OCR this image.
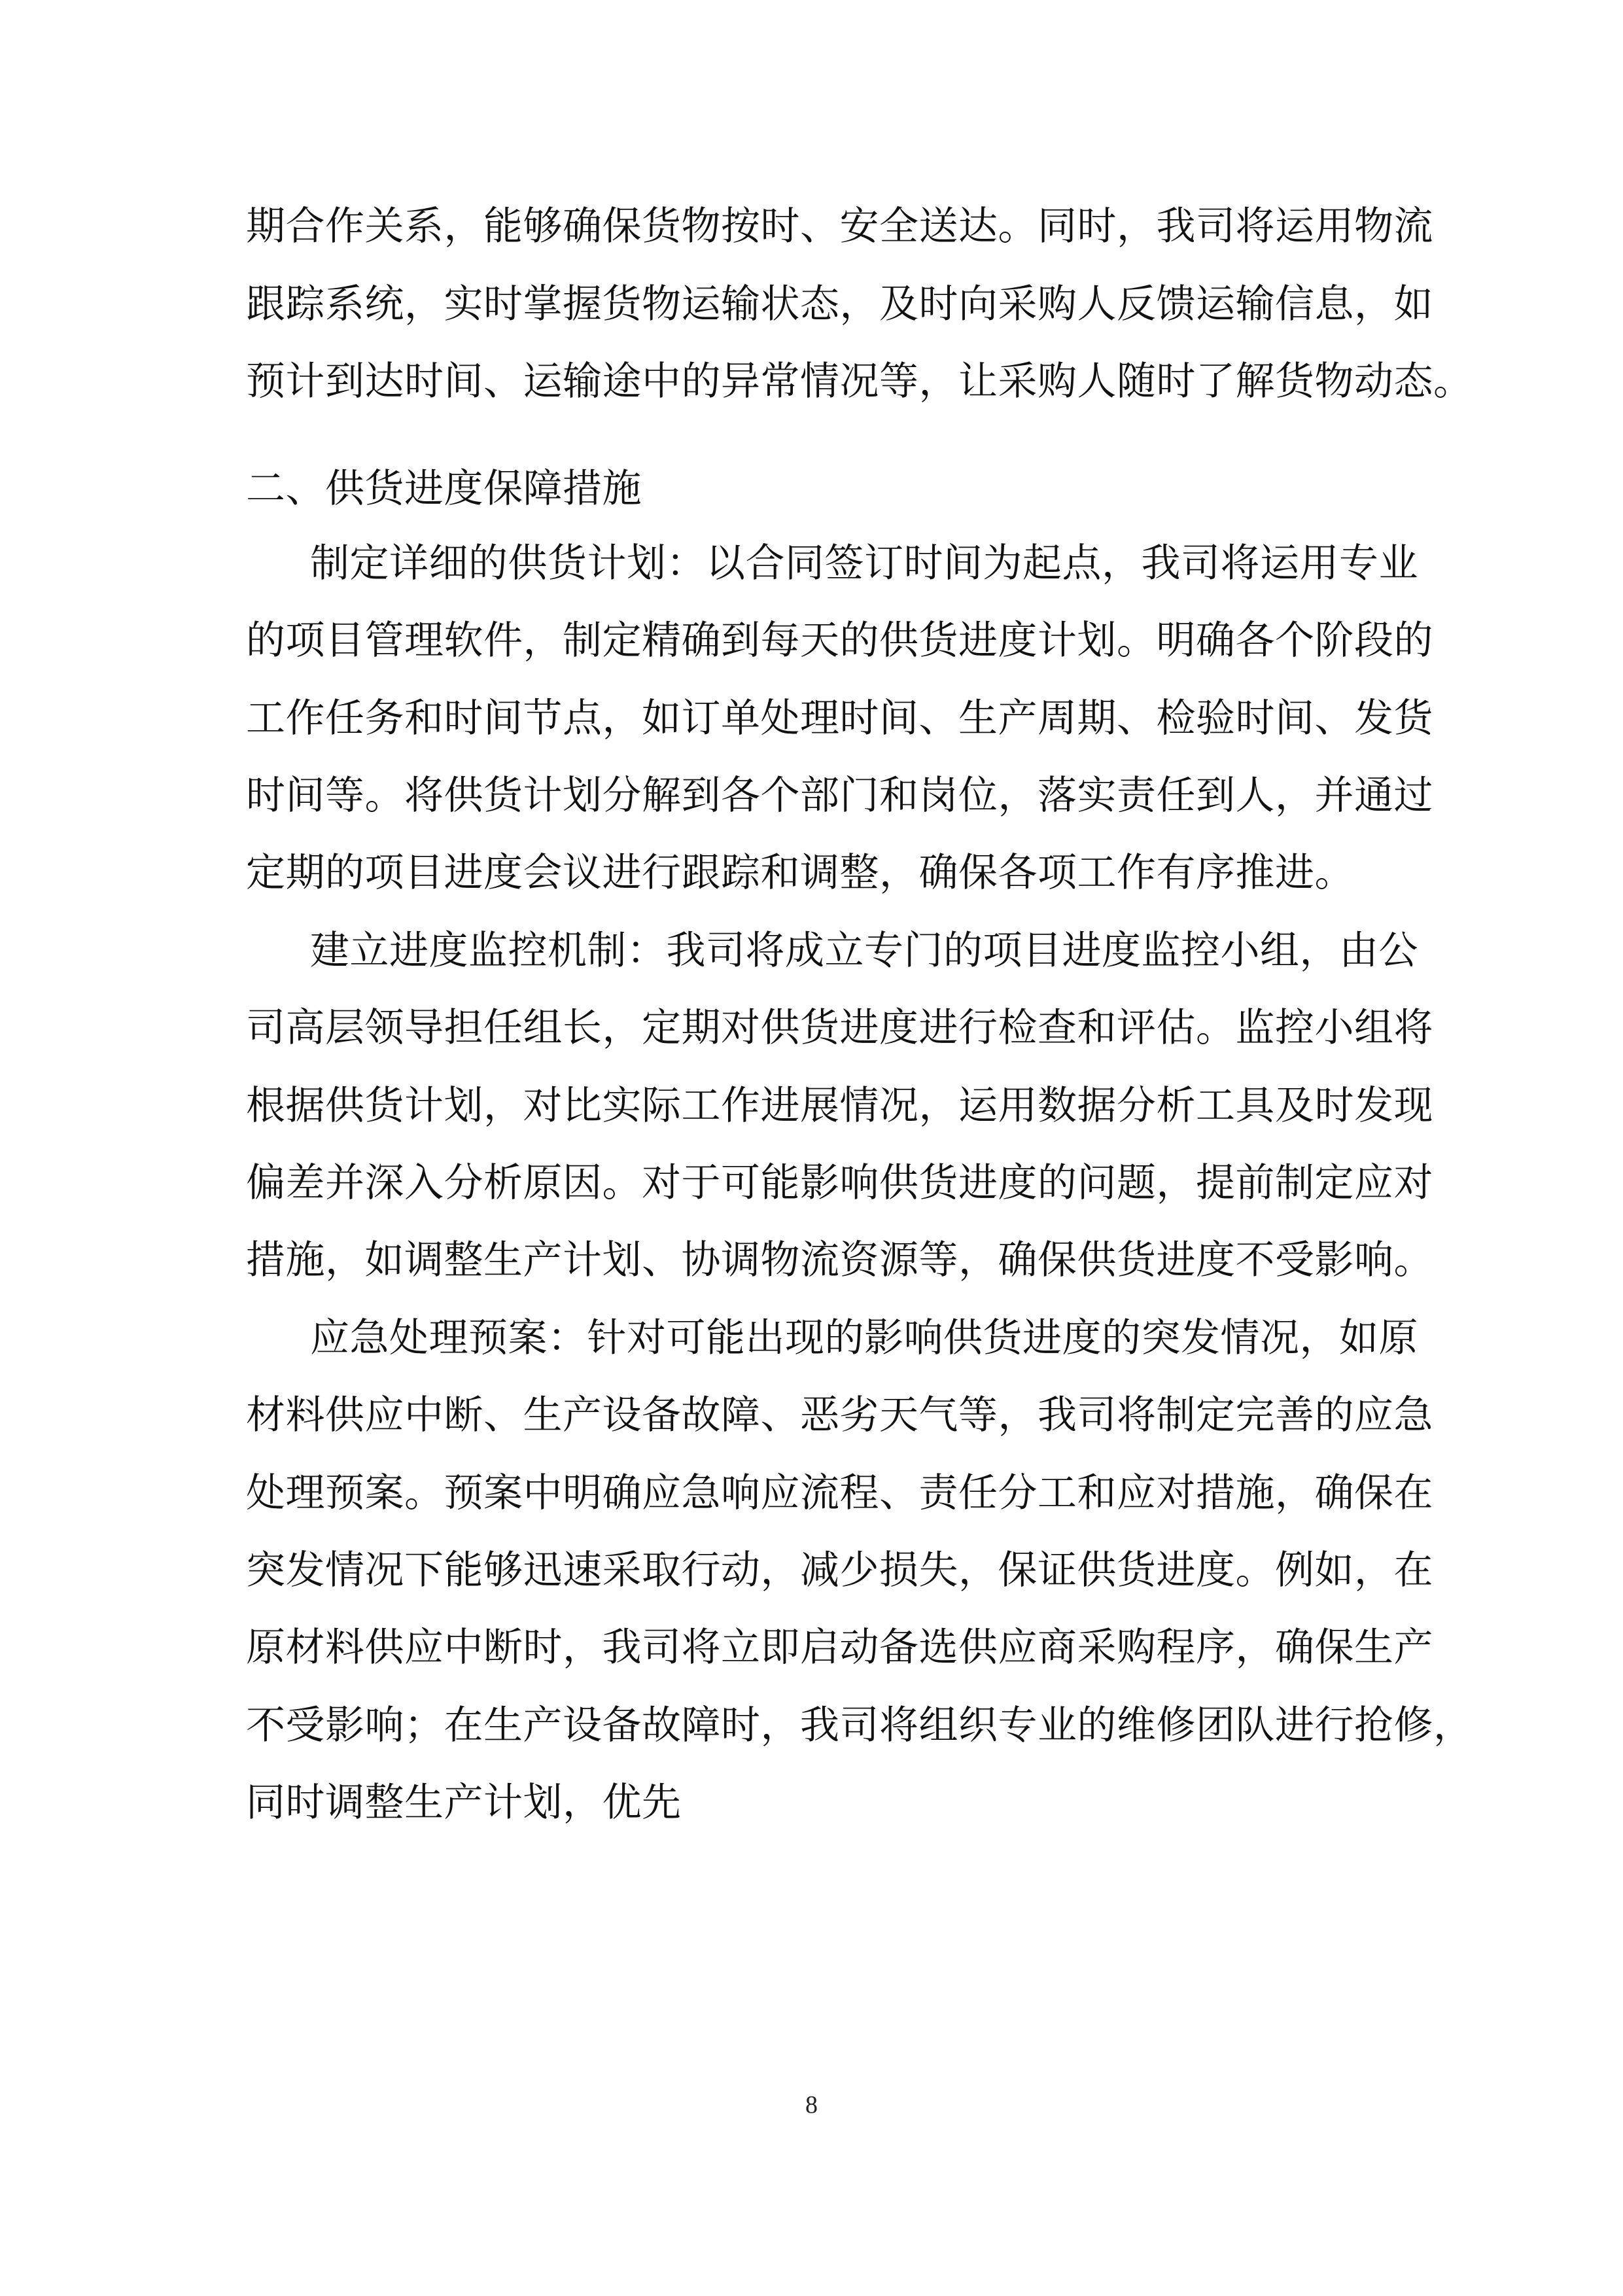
期合作关系，能够确保货物按时、安全送达。同时，我司将运用物流
跟踪系统，实时掌握货物运输状态，及时向采购人反馈运输信息，如
预计到达时间、运输途中的异常情况等，让采购人随时了解货物动态。
二、供货进度保障措施
制定详细的供货计划：以合同签订时间为起点，我司将运用专业
的项目管理软件，制定精确到每天的供货进度计划。明确各个阶段的
工作任务和时间节点，如订单处理时间、生产周期、检验时间、发货
时间等。将供货计划分解到各个部门和岗位，落实责任到人，并通过
定期的项目进度会议进行跟踪和调整，确保各项工作有序推进。
建立进度监控机制：我司将成立专门的项目进度监控小组，由公
司高层领导担任组长，定期对供货进度进行检查和评估。监控小组将
根据供货计划，对比实际工作进展情况，运用数据分析工具及时发现
偏差并深入分析原因。对于可能影响供货进度的问题，提前制定应对
措施，如调整生产计划、协调物流资源等，确保供货进度不受影响。
应急处理预案：针对可能出现的影响供货进度的突发情况，如原
材料供应中断、生产设备故障、恶劣天气等，我司将制定完善的应急
处理预案。预案中明确应急响应流程、责任分工和应对措施，确保在
突发情况下能够迅速采取行动，减少损失，保证供货进度。例如，在
原材料供应中断时，我司将立即启动备选供应商采购程序，确保生产
不受影响；在生产设备故障时，我司将组织专业的维修团队进行抢修，
同时调整生产计划，优先
8
